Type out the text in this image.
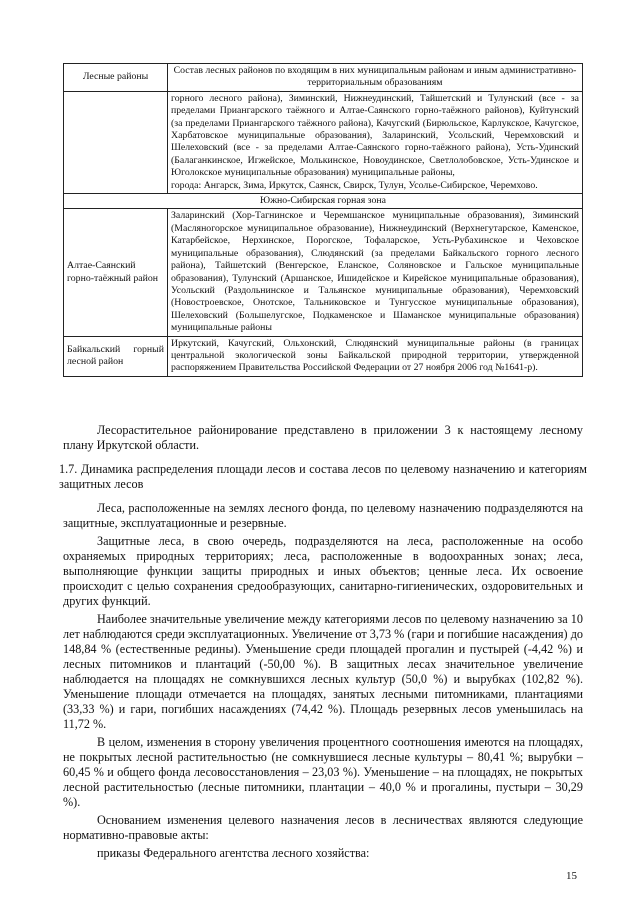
Лесные районы	Состав лесных районов по входящим в них муниципальным районам и иным административно-территориальным образованиям
	горного лесного района), Зиминский, Нижнеудинский, Тайшетский и Тулунский (все - за пределами Приангарского таёжного и Алтае-Саянского горно-таёжного районов), Куйтунский (за пределами Приангарского таёжного района), Качугский (Бирюльское, Карлукское, Качугское, Харбатовское муниципальные образования), Заларинский, Усольский, Черемховский и Шелеховский (все - за пределами Алтае-Саянского горно-таёжного района), Усть-Удинский (Балаганкинское, Игжейское, Молькинское, Новоудинское, Светлолобовское, Усть-Удинское и Юголокское муниципальные образования) муниципальные районы,
города: Ангарск, Зима, Иркутск, Саянск, Свирск, Тулун, Усолье-Сибирское, Черемхово.
Южно-Сибирская горная зона	
Алтае-Саянский горно-таёжный район	Заларинский (Хор-Тагнинское и Черемшанское муниципальные образования), Зиминский (Масляногорское муниципальное образование), Нижнеудинский (Верхнегутарское, Каменское, Катарбейское, Нерхинское, Порогское, Тофаларское, Усть-Рубахинское и Чеховское муниципальные образования), Слюдянский (за пределами Байкальского горного лесного района), Тайшетский (Венгерское, Еланское, Соляновское и Гальское муниципальные образования), Тулунский (Аршанское, Ишидейское и Кирейское муниципальные образования), Усольский (Раздольнинское и Тальянское муниципальные образования), Черемховский (Новостроевское, Онотское, Тальниковское и Тунгусское муниципальные образования), Шелеховский (Большелугское, Подкаменское и Шаманское муниципальные образования) муниципальные районы
Байкальский горный лесной район	Иркутский, Качугский, Ольхонский, Слюдянский муниципальные районы (в границах центральной экологической зоны Байкальской природной территории, утвержденной распоряжением Правительства Российской Федерации от 27 ноября 2006 год №1641-р).

Лесорастительное районирование представлено в приложении 3 к настоящему лесному плану Иркутской области.

1.7. Динамика распределения площади лесов и состава лесов по целевому назначению и категориям защитных лесов

Леса, расположенные на землях лесного фонда, по целевому назначению подразделяются на защитные, эксплуатационные и резервные.

Защитные леса, в свою очередь, подразделяются на леса, расположенные на особо охраняемых природных территориях; леса, расположенные в водоохранных зонах; леса, выполняющие функции защиты природных и иных объектов; ценные леса. Их освоение происходит с целью сохранения средообразующих, санитарно-гигиенических, оздоровительных и других функций.

Наиболее значительные увеличение между категориями лесов по целевому назначению за 10 лет наблюдаются среди эксплуатационных. Увеличение от 3,73 % (гари и погибшие насаждения) до 148,84 % (естественные редины). Уменьшение среди площадей прогалин и пустырей (-4,42 %) и лесных питомников и плантаций (-50,00 %). В защитных лесах значительное увеличение наблюдается на площадях не сомкнувшихся лесных культур (50,0 %) и вырубках (102,82 %). Уменьшение площади отмечается на площадях, занятых лесными питомниками, плантациями (33,33 %) и гари, погибших насаждениях (74,42 %). Площадь резервных лесов уменьшилась на 11,72 %.

В целом, изменения в сторону увеличения процентного соотношения имеются на площадях, не покрытых лесной растительностью (не сомкнувшиеся лесные культуры – 80,41 %; вырубки – 60,45 % и общего фонда лесовосстановления – 23,03 %). Уменьшение – на площадях, не покрытых лесной растительностью (лесные питомники, плантации – 40,0 % и прогалины, пустыри – 30,29 %).

Основанием изменения целевого назначения лесов в лесничествах являются следующие нормативно-правовые акты:

приказы Федерального агентства лесного хозяйства:

15
